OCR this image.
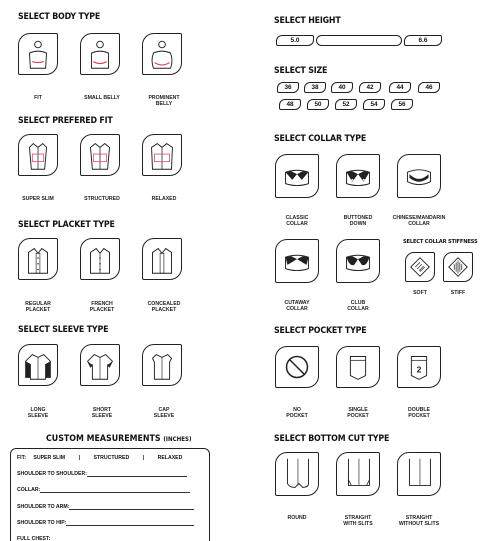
SELECT BODY TYPE
FIT	SMALL BELLY	PROMINENT
BELLY
SELECT PREFERED FIT
SUPER SLIM	STRUCTURED	RELAXED
SELECT PLACKET TYPE
REGULAR
PLACKET
FRENCH
PLACKET
CONCEALED
PLACKET
SELECT SLEEVE TYPE
LONG
SLEEVE
SHORT
SLEEVE
CAP
SLEEVE
CUSTOM MEASUREMENTS (INCHES)
FIT: SUPER SLIM	|	STRUCTURED	|	RELAXED
SHOULDER TO SHOULDER:
COLLAR:
SHOULDER TO ARM:
SHOULDER TO HIP:
FULL CHEST:
SELECT HEIGHT
5.0	6.6
SELECT SIZE
36	38	40	42	44	46
48	50	52	54	56
SELECT COLLAR TYPE
CLASSIC
COLLAR
BUTTONED
DOWN
CHINESE/MANDARIN
COLLAR
CUTAWAY
COLLAR
CLUB
COLLAR
SELECT COLLAR STIFFNESS
SOFT	STIFF
SELECT POCKET TYPE
NO
POCKET
SINGLE
POCKET
2
DOUBLE
POCKET
SELECT BOTTOM CUT TYPE
ROUND	STRAIGHT
WITH SLITS
STRAIGHT
WITHOUT SLITS
